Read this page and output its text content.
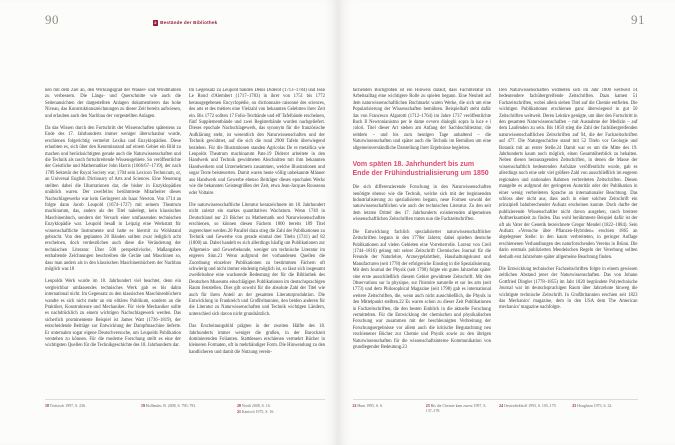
90	2 Bestände der Bibliothek

nen mit dem Ziel an, den Wirkungsgrad der Wasser- und Windmühlen zu verbessern. Die Längs- und Querschnitte wie auch die Seitenansichten der dargestellten Anlagen dokumentieren das hohe Niveau, das Konstruktionszeichnungen zu dieser Zeit bereits aufwiesen, und erlauben auch den Nachbau der vorgestellten Anlagen.

Da das Wissen durch den Fortschritt der Wissenschaften spätestens zu Ende des 17. Jahrhunderts immer weniger überschaubar wurde, erschienen folgerichtig vermehrt Lexika und Enzyklopädien. Diese erlaubten es, sich über den Kenntnisstand auf einem Gebiet ein Bild zu machen und berücksichtigten gerade auch die Naturwissenschaften und die Technik als rasch fortschreitende Wissensgebiete. So veröffentlichte der Geistliche und Mathematiker John Harris (1666/67–1719), der nach 1709 Sekretär der Royal Society war, 1704 sein Lexicon Technicum, or, an Universal English Dictionary of Arts and Sciences. Eine Neuerung stellten dabei die Illustrationen dar, die bisher in Enzyklopädien unüblich waren. Der zweifellos berühmteste Mitarbeiter dieses Nachschlagewerks war kein Geringerer als Isaac Newton. Von 1714 an folgte dann Jacob Leupold (1674–1727) mit seinem Theatrum machinarum, das, anders als der Titel nahelegt, kein klassisches Maschinenbuch, sondern der Versuch einer umfassenden technischen Enzyklopädie war. Leupold besaß in Leipzig eine Werkstatt für wissenschaftliche Instrumente und hatte es hiermit zu Wohlstand gebracht. Von den geplanten 20 Bänden sollten zwar lediglich acht erscheinen, doch verdeutlichen auch diese die Veränderung der technischen Literatur. Über 500 perspektivische, Maßangaben enthaltende Zeichnungen beschreiben die Geräte und Maschinen so, dass man anders als in den klassischen Maschinenbüchern der Nachbau möglich war.18

Leupolds Werk wurde im 18. Jahrhundert viel beachtet, denn ein vergleichbar umfassendes technisches Werk gab es bis dahin international nicht. Im Gegensatz zu den klassischen Maschinenbüchern wandte es sich nicht mehr an ein elitäres Publikum, sondern an die Praktiker, Konstrukteure und Mechaniker. Für viele Mechaniker sollte es nachdrücklich zu einem wichtigen Nachschlagewerk werden. Das sicherlich prominenteste Beispiel ist James Watt (1736–1819), der entscheidende Beiträge zur Entwicklung der Dampfmaschine lieferte. Er unternahm sogar eigene Deutschversuche, um Leupolds Publikation verstehen zu können. Für die moderne Forschung stellt es eine der wichtigsten Quellen für die Technikgeschichte des 18. Jahrhunderts dar.

Im Gegensatz zu Leupold banden Denis Diderot (1713–1784) und Jean Le Rond d'Alembert (1717–1783) in ihrer von 1751 bis 1772 herausgegebenen Encyclopédie, ou dictionnaire raisonné des sciences, des arts et des métiers eine Vielzahl von bekannten Gelehrten ihrer Zeit ein. Bis 1772 sollten 17 Folio-Textbände und elf Tafelbände erscheinen, fünf Supplementbände und zwei Registerbände wurden nachgeliefert. Dieses epochale Nachschlagewerk, das synonym für die französische Aufklärung steht, ist wesentlich den Naturwissenschaften und der Technik gewidmet, auf die sich die rund 2900 Tafeln überwiegend beziehen. Für die Illustrationen standen Agricolas De re metallica wie Leupolds Theatrum machinarum Pate.19 Diderot arbeitete in den Handwerk und Technik gewidmeten Abschnitten mit ihm bekannten Handwerkern und Unternehmern zusammen, welche Illustrationen und sogar Texte beisteuerten. Damit waren heute völlig unbekannte Männer aus Handwerk und Gewerbe ebenso Beiträger dieses epochalen Werks wie die bekannten Geistesgrößen der Zeit, etwa Jean-Jacques Rousseau oder Voltaire.

Die naturwissenschaftliche Literatur kennzeichnete im 18. Jahrhundert nicht zuletzt ein starkes quantitatives Wachstum. Wenn 1740 in Deutschland nur 23 Bücher zu Mathematik und Naturwissenschaften erschienen, so können diesen Fächern 1800 bereits 189 Titel zugerechnet werden.20 Parallel dazu stieg die Zahl der Publikationen zu Technik und Gewerbe von gerade einmal drei Titeln (1741) auf 82 (1800) an. Dabei handelt es sich allerdings häufig um Publikationen zur Allgemein- und Gewerbekunde, weniger um technische Literatur im engeren Sinn.21 Wenn aufgrund der vorhandenen Quellen die Zuordnung einzelner Publikationen zu bestimmten Fächern oft schwierig und nicht immer eindeutig möglich ist, so lässt sich insgesamt zweifelsohne eine wachsende Bedeutung der für die Bibliothek des Deutschen Museums einschlägigen Publikationen im deutschsprachigen Raum feststellen. Dies gilt sowohl für die absolute Zahl der Titel wie auch für ihren Anteil an der gesamten Literaturproduktion. Die Entwicklung in Frankreich und Großbritannien, den beiden anderen für die Literatur zu Naturwissenschaften und Technik wichtigen Ländern, unterschied sich davon nicht grundsätzlich.

Das Erscheinungsbild prägten in der zweiten Hälfte des 18. Jahrhunderts immer weniger die großen, in der Barockzeit dominierenden Folianten. Stattdessen erschienen vermehrt Bücher in kleineren Formaten, oft in mehrbändiger Form. Die Hinwendung zu den handlicheren und damit die Nutzung verein-

18 Troitzsch 1997, S. 236.	19 Holländer, B. 2008, S. 790–793.	20 North 2008, S. 16.

21 Kanisch 1975, S. 16.

91

fachenden Buchgrößen ist ein Hinweis darauf, dass Fachliteratur im Arbeitsalltag eine wichtigere Rolle zu spielen begann. Eine Neuheit auf dem naturwissenschaftlichen Buchmarkt waren Werke, die sich um eine Popularisierung der Wissenschaften bemühten. Beispielhaft steht dafür das von Francesco Algarotti (1712–1764) im Jahre 1737 veröffentlichte Buch Il Newtonianismo per le dame ovvero dialoghi sopra la luce e i colori. Titel dieser Art stehen am Anfang der Sachbuchliteratur, die seitdem – und bis zum heutigen Tage anhaltend – die Naturwissenschaften und später auch die Technik im Bemühen um eine allgemeinverständliche Darstellung ihrer Ergebnisse begleiten.

Vom späten 18. Jahrhundert bis zum Ende der Frühindustrialisierung um 1850

Die sich differenzierende Forschung in den Naturwissenschaften benötigte ebenso wie die Technik, welche sich mit der beginnenden Industrialisierung zu spezialisieren begann, neue Formen sowohl der naturwissenschaftlichen wie auch der technischen Literatur. Zu den seit dem letzten Drittel des 17. Jahrhunderts existierenden allgemeinen wissenschaftlichen Zeitschriften traten nun die Fachzeitschriften.

Die Entwicklung fachlich spezialisierter naturwissenschaftlicher Zeitschriften begann in den 1770er Jahren; dabei spielten deutsche Publikationen auf vielen Gebieten eine Vorreiterrolle. Lorenz von Crell (1744–1816) gelang mit seiner Zeitschrift Chemisches Journal für die Freunde der Naturlehre, Arzneygelahrtheit, Haushaltungskunst und Manufacturen (seit 1778) der erfolgreiche Einstieg in die Spezialisierung. Mit dem Journal der Physik (seit 1790) folgte ein gutes Jahrzehnt später eine erste ausschließlich diesem Gebiet gewidmete Zeitschrift. Mit den Observations sur la physique, sur l'histoire naturelle et sur les arts (seit 1773) und dem Philosophical Magazine (seit 1798) gab es international weitere Zeitschriften, die, wenn auch nicht ausschließlich, die Physik in den Mittelpunkt stellten.22 Es waren schon zu dieser Zeit Publikationen in Fachzeitschriften, die den besten Einblick in die aktuelle Forschung vermittelten. Für die Entwicklung der chemischen und physikalischen Forschung war zusammen mit der beschleunigten Verbreitung der Forschungsergebnisse vor allem auch die kritische Begutachtung neu erschienener Bücher zur Chemie und Physik sowie zu den übrigen Naturwissenschaften für die wissenschaftsinterne Kommunikation von grundlegender Bedeutung.23

Den Naturwissenschaften widmeten sich im Jahr 1800 weltweit 14 bedeutendere fachübergreifende Zeitschriften. Dazu kamen 51 Fachzeitschriften, wobei allein sieben Titel auf die Chemie entfielen. Die wichtigen Publikationen erschienen ganz überwiegend in gut 50 Zeitschriften weltweit. Deren Lektüre genügte, um über den Fortschritt in den gesamten Naturwissenschaften – mit Ausnahme der Medizin – auf dem Laufenden zu sein. Bis 1850 stieg die Zahl der fachübergreifenden naturwissenschaftlichen Zeitschriften auf 94, die der Fachzeitschriften auf 477. Die Naturgeschichte stand mit 52 Titeln vor Geologie und Botanik mit an erster Stelle.24 Damit war es um die Mitte des 19. Jahrhunderts kaum noch möglich, einen Gesamtüberblick zu behalten. Neben diesen herausragenden Zeitschriften, in denen die Masse der wissenschaftlich bedeutenden Aufsätze veröffentlicht wurde, gab es allerdings noch eine sehr viel größere Zahl von ausschließlich im engeren regionalen und nationalen Rahmen verbreiteten Zeitschriften. Diesen mangelte es aufgrund der geringeren Autorität oder der Publikation in einer wenig verbreiteten Sprache an internationaler Beachtung. Das schloss aber nicht aus, dass auch in einer solchen Zeitschrift ein prinzipiell bahnbrechender Aufsatz erscheinen konnte. Doch durfte der publizierende Wissenschaftler nicht davon ausgehen, rasch breitere Aufmerksamkeit zu finden. Das wohl berühmteste Beispiel dafür ist der oft als Vater der Genetik bezeichnete Gregor Mendel (1822–1884). Sein Aufsatz »Versuche über Pflanzen-Hybriden« erschien 1865 an abgelegener Stelle: in den kaum verbreiteten, in geringer Auflage erschienenen Verhandlungen des naturforschenden Vereins in Brünn. Die darin erstmals publizierten Mendelschen Regeln der Vererbung sollten deshalb erst Jahrzehnte später allgemeine Beachtung finden.

Die Entwicklung technischer Fachzeitschriften folgte in einem gewissen zeitlichen Abstand jener der Naturwissenschaften. Das von Johann Gottfried Dingler (1778–1855) im Jahr 1820 begründete Polytechnische Journal war im deutschsprachigen Raum über Jahrzehnte hinweg die wichtigste technische Zeitschrift. In Großbritannien erschien seit 1823 das Mechanics' magazine, dem in den USA dem The American mechanics' magazine nachfolgte.

22 Hunt 1995, S. 6.	23 Bis die Chemie kam zuerst 1997, S. 137–178.

24 Oesterdiekhoff 1993, S. 105–179.	25 Houghton 1975, S. 32.
